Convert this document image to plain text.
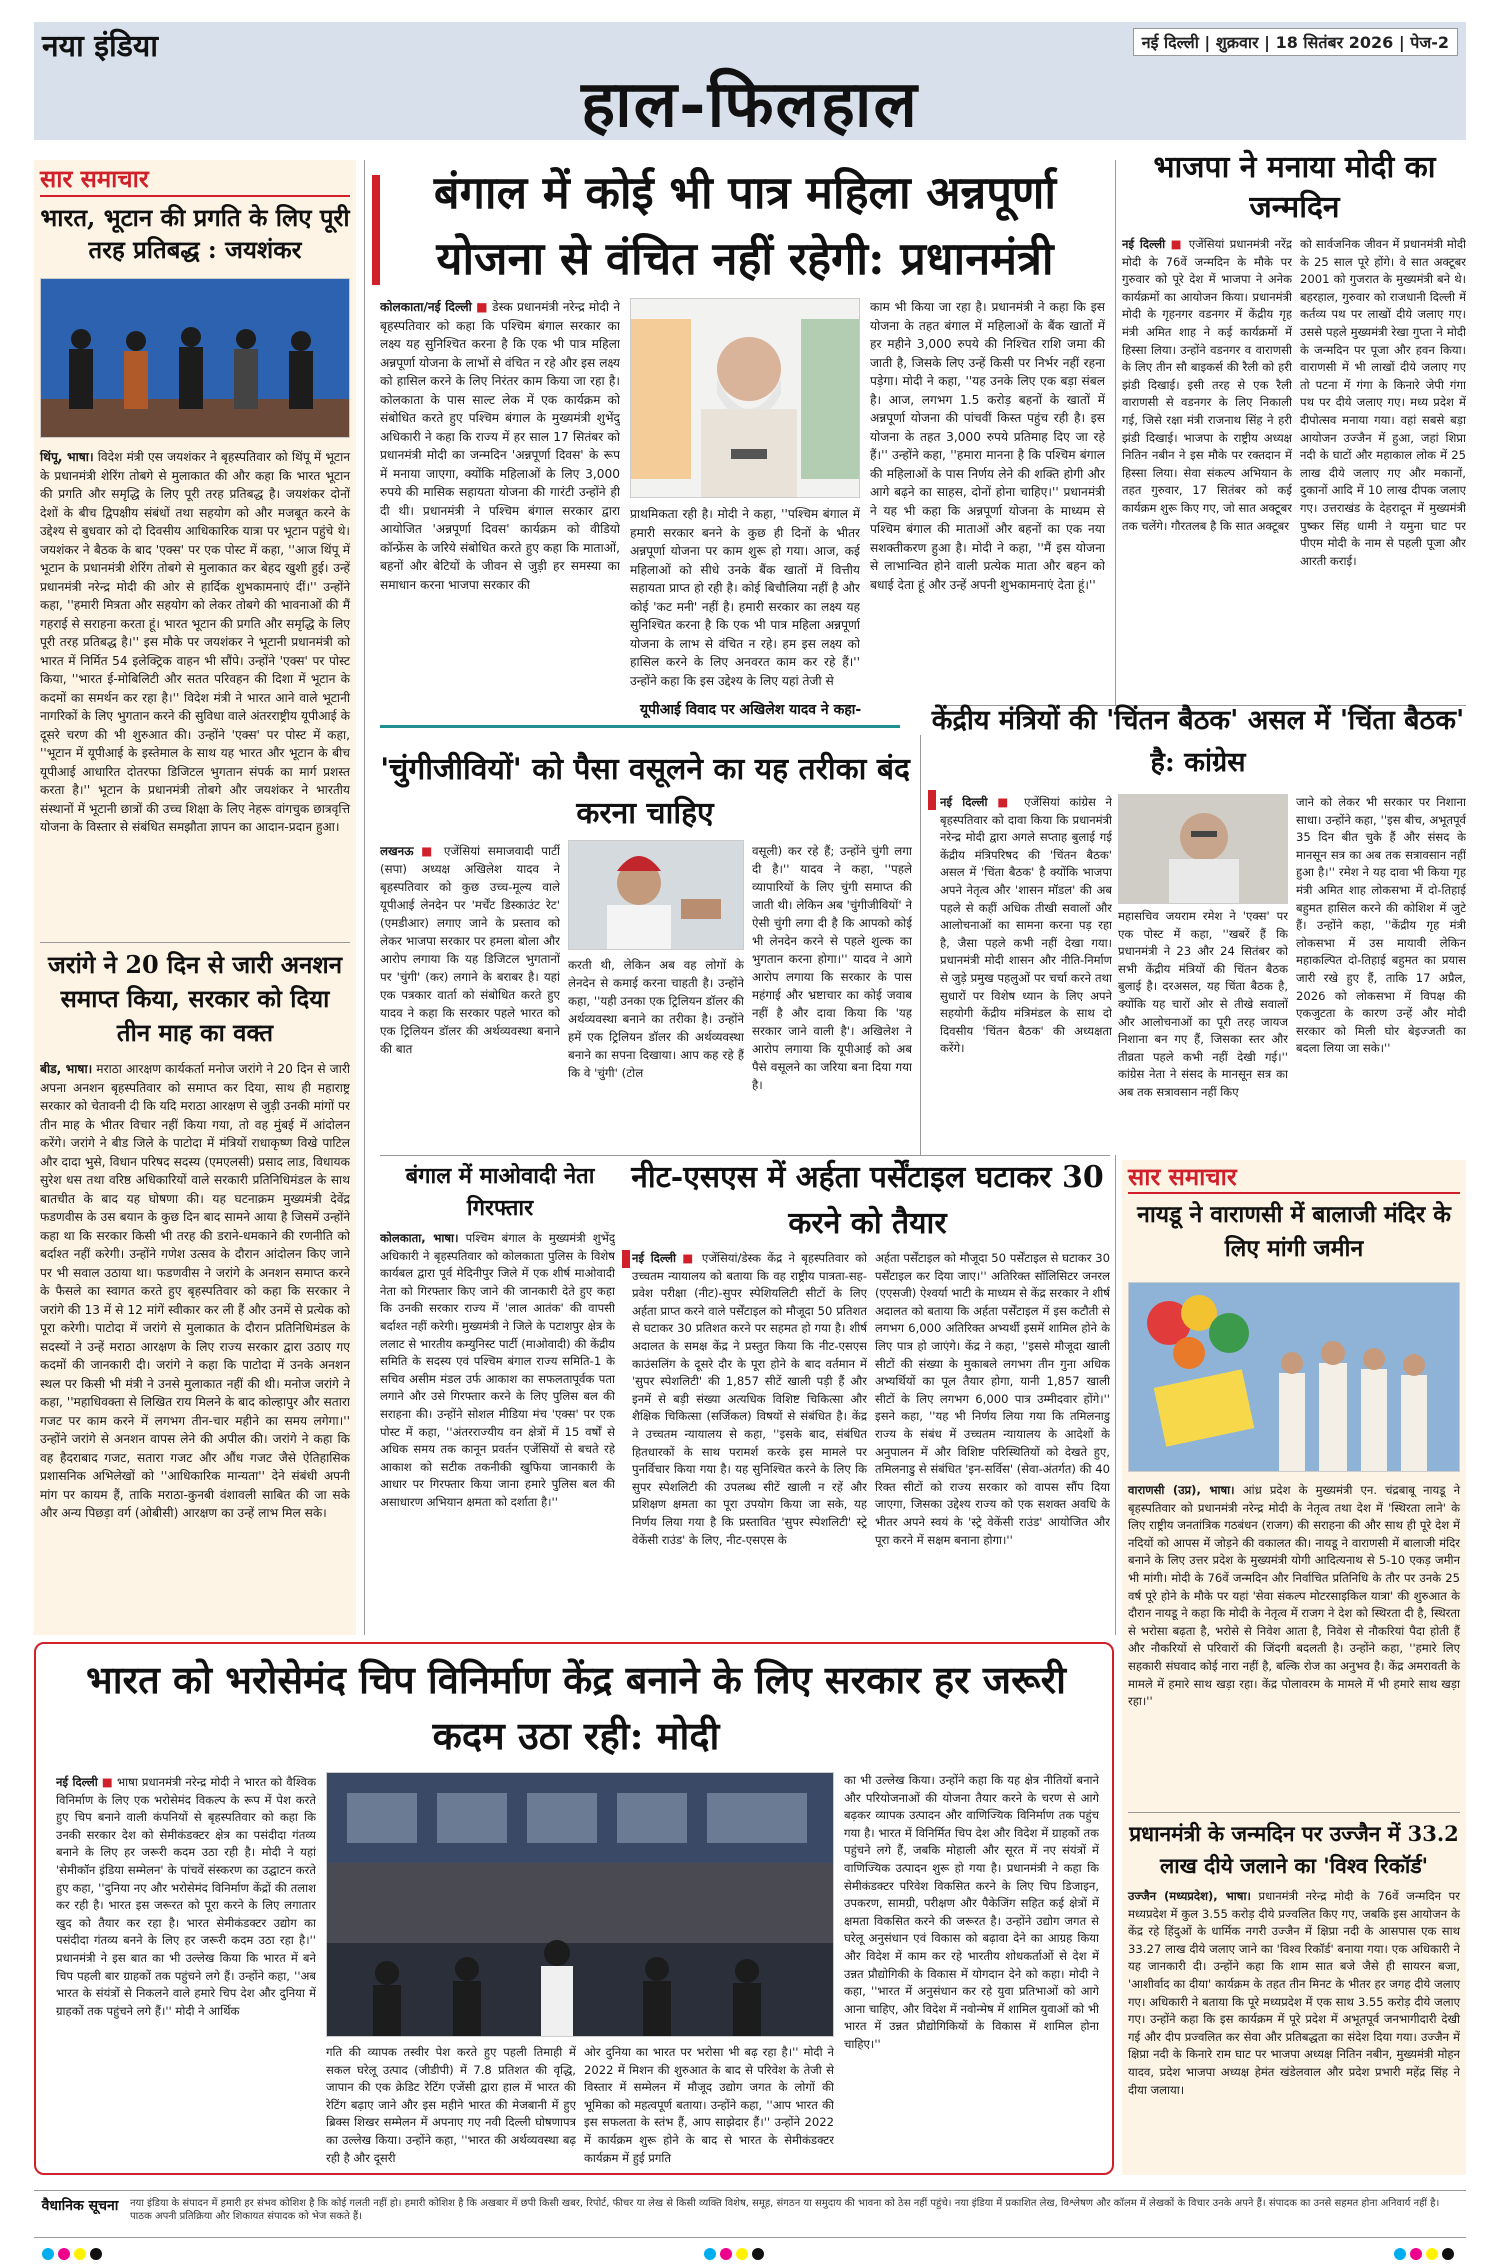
नया इंडिया	नई दिल्ली | शुक्रवार | 18 सितंबर 2026 | पेज-2
हाल-फिलहाल
सार समाचार
भारत, भूटान की प्रगति के लिए पूरी तरह प्रतिबद्ध : जयशंकर
थिंपू, भाषा। विदेश मंत्री एस जयशंकर ने बृहस्पतिवार को थिंपू में भूटान के प्रधानमंत्री शेरिंग तोबगे से मुलाकात की और कहा कि भारत भूटान की प्रगति और समृद्धि के लिए पूरी तरह प्रतिबद्ध है। जयशंकर दोनों देशों के बीच द्विपक्षीय संबंधों तथा सहयोग को और मजबूत करने के उद्देश्य से बुधवार को दो दिवसीय आधिकारिक यात्रा पर भूटान पहुंचे थे। जयशंकर ने बैठक के बाद 'एक्स' पर एक पोस्ट में कहा, ''आज थिंपू में भूटान के प्रधानमंत्री शेरिंग तोबगे से मुलाकात कर बेहद खुशी हुई। उन्हें प्रधानमंत्री नरेन्द्र मोदी की ओर से हार्दिक शुभकामनाएं दीं।'' उन्होंने कहा, ''हमारी मित्रता और सहयोग को लेकर तोबगे की भावनाओं की मैं गहराई से सराहना करता हूं। भारत भूटान की प्रगति और समृद्धि के लिए पूरी तरह प्रतिबद्ध है।'' इस मौके पर जयशंकर ने भूटानी प्रधानमंत्री को भारत में निर्मित 54 इलेक्ट्रिक वाहन भी सौंपे। उन्होंने 'एक्स' पर पोस्ट किया, ''भारत ई-मोबिलिटी और सतत परिवहन की दिशा में भूटान के कदमों का समर्थन कर रहा है।'' विदेश मंत्री ने भारत आने वाले भूटानी नागरिकों के लिए भुगतान करने की सुविधा वाले अंतरराष्ट्रीय यूपीआई के दूसरे चरण की भी शुरुआत की। उन्होंने 'एक्स' पर पोस्ट में कहा, ''भूटान में यूपीआई के इस्तेमाल के साथ यह भारत और भूटान के बीच यूपीआई आधारित दोतरफा डिजिटल भुगतान संपर्क का मार्ग प्रशस्त करता है।'' भूटान के प्रधानमंत्री तोबगे और जयशंकर ने भारतीय संस्थानों में भूटानी छात्रों की उच्च शिक्षा के लिए नेहरू वांगचुक छात्रवृत्ति योजना के विस्तार से संबंधित समझौता ज्ञापन का आदान-प्रदान हुआ।
जरांगे ने 20 दिन से जारी अनशन समाप्त किया, सरकार को दिया तीन माह का वक्त
बीड, भाषा। मराठा आरक्षण कार्यकर्ता मनोज जरांगे ने 20 दिन से जारी अपना अनशन बृहस्पतिवार को समाप्त कर दिया, साथ ही महाराष्ट्र सरकार को चेतावनी दी कि यदि मराठा आरक्षण से जुड़ी उनकी मांगों पर तीन माह के भीतर विचार नहीं किया गया, तो वह मुंबई में आंदोलन करेंगे। जरांगे ने बीड जिले के पाटोदा में मंत्रियों राधाकृष्ण विखे पाटिल और दादा भुसे, विधान परिषद सदस्य (एमएलसी) प्रसाद लाड, विधायक सुरेश धस तथा वरिष्ठ अधिकारियों वाले सरकारी प्रतिनिधिमंडल के साथ बातचीत के बाद यह घोषणा की। यह घटनाक्रम मुख्यमंत्री देवेंद्र फडणवीस के उस बयान के कुछ दिन बाद सामने आया है जिसमें उन्होंने कहा था कि सरकार किसी भी तरह की डराने-धमकाने की रणनीति को बर्दाश्त नहीं करेगी। उन्होंने गणेश उत्सव के दौरान आंदोलन किए जाने पर भी सवाल उठाया था। फडणवीस ने जरांगे के अनशन समाप्त करने के फैसले का स्वागत करते हुए बृहस्पतिवार को कहा कि सरकार ने जरांगे की 13 में से 12 मांगें स्वीकार कर ली हैं और उनमें से प्रत्येक को पूरा करेगी। पाटोदा में जरांगे से मुलाकात के दौरान प्रतिनिधिमंडल के सदस्यों ने उन्हें मराठा आरक्षण के लिए राज्य सरकार द्वारा उठाए गए कदमों की जानकारी दी। जरांगे ने कहा कि पाटोदा में उनके अनशन स्थल पर किसी भी मंत्री ने उनसे मुलाकात नहीं की थी। मनोज जरांगे ने कहा, ''महाधिवक्ता से लिखित राय मिलने के बाद कोल्हापुर और सतारा गजट पर काम करने में लगभग तीन-चार महीने का समय लगेगा।'' उन्होंने जरांगे से अनशन वापस लेने की अपील की। जरांगे ने कहा कि वह हैदराबाद गजट, सतारा गजट और औंध गजट जैसे ऐतिहासिक प्रशासनिक अभिलेखों को ''आधिकारिक मान्यता'' देने संबंधी अपनी मांग पर कायम हैं, ताकि मराठा-कुनबी वंशावली साबित की जा सके और अन्य पिछड़ा वर्ग (ओबीसी) आरक्षण का उन्हें लाभ मिल सके।
बंगाल में कोई भी पात्र महिला अन्नपूर्णा योजना से वंचित नहीं रहेगी: प्रधानमंत्री
कोलकाता/नई दिल्ली ■ डेस्क प्रधानमंत्री नरेन्द्र मोदी ने बृहस्पतिवार को कहा कि पश्चिम बंगाल सरकार का लक्ष्य यह सुनिश्चित करना है कि एक भी पात्र महिला अन्नपूर्णा योजना के लाभों से वंचित न रहे और इस लक्ष्य को हासिल करने के लिए निरंतर काम किया जा रहा है। कोलकाता के पास साल्ट लेक में एक कार्यक्रम को संबोधित करते हुए पश्चिम बंगाल के मुख्यमंत्री शुभेंदु अधिकारी ने कहा कि राज्य में हर साल 17 सितंबर को प्रधानमंत्री मोदी का जन्मदिन 'अन्नपूर्णा दिवस' के रूप में मनाया जाएगा, क्योंकि महिलाओं के लिए 3,000 रुपये की मासिक सहायता योजना की गारंटी उन्होंने ही दी थी। प्रधानमंत्री ने पश्चिम बंगाल सरकार द्वारा आयोजित 'अन्नपूर्णा दिवस' कार्यक्रम को वीडियो कॉन्फ्रेंस के जरिये संबोधित करते हुए कहा कि माताओं, बहनों और बेटियों के जीवन से जुड़ी हर समस्या का समाधान करना भाजपा सरकार की
प्राथमिकता रही है। मोदी ने कहा, ''पश्चिम बंगाल में हमारी सरकार बनने के कुछ ही दिनों के भीतर अन्नपूर्णा योजना पर काम शुरू हो गया। आज, कई महिलाओं को सीधे उनके बैंक खातों में वित्तीय सहायता प्राप्त हो रही है। कोई बिचौलिया नहीं है और कोई 'कट मनी' नहीं है। हमारी सरकार का लक्ष्य यह सुनिश्चित करना है कि एक भी पात्र महिला अन्नपूर्णा योजना के लाभ से वंचित न रहे। हम इस लक्ष्य को हासिल करने के लिए अनवरत काम कर रहे हैं।'' उन्होंने कहा कि इस उद्देश्य के लिए यहां तेजी से
काम भी किया जा रहा है। प्रधानमंत्री ने कहा कि इस योजना के तहत बंगाल में महिलाओं के बैंक खातों में हर महीने 3,000 रुपये की निश्चित राशि जमा की जाती है, जिसके लिए उन्हें किसी पर निर्भर नहीं रहना पड़ेगा। मोदी ने कहा, ''यह उनके लिए एक बड़ा संबल है। आज, लगभग 1.5 करोड़ बहनों के खातों में अन्नपूर्णा योजना की पांचवीं किस्त पहुंच रही है। इस योजना के तहत 3,000 रुपये प्रतिमाह दिए जा रहे हैं।'' उन्होंने कहा, ''हमारा मानना है कि पश्चिम बंगाल की महिलाओं के पास निर्णय लेने की शक्ति होगी और आगे बढ़ने का साहस, दोनों होना चाहिए।'' प्रधानमंत्री ने यह भी कहा कि अन्नपूर्णा योजना के माध्यम से पश्चिम बंगाल की माताओं और बहनों का एक नया सशक्तीकरण हुआ है। मोदी ने कहा, ''मैं इस योजना से लाभान्वित होने वाली प्रत्येक माता और बहन को बधाई देता हूं और उन्हें अपनी शुभकामनाएं देता हूं।''
यूपीआई विवाद पर अखिलेश यादव ने कहा-
भाजपा ने मनाया मोदी का जन्मदिन
नई दिल्ली ■ एजेंसियां प्रधानमंत्री नरेंद्र मोदी के 76वें जन्मदिन के मौके पर गुरुवार को पूरे देश में भाजपा ने अनेक कार्यक्रमों का आयोजन किया। प्रधानमंत्री मोदी के गृहनगर वडनगर में केंद्रीय गृह मंत्री अमित शाह ने कई कार्यक्रमों में हिस्सा लिया। उन्होंने वडनगर व वाराणसी के लिए तीन सौ बाइकर्स की रैली को हरी झंडी दिखाई। इसी तरह से एक रैली वाराणसी से वडनगर के लिए निकाली गई, जिसे रक्षा मंत्री राजनाथ सिंह ने हरी झंडी दिखाई। भाजपा के राष्ट्रीय अध्यक्ष नितिन नबीन ने इस मौके पर रक्तदान में हिस्सा लिया। सेवा संकल्प अभियान के तहत गुरुवार, 17 सितंबर को कई कार्यक्रम शुरू किए गए, जो सात अक्टूबर तक चलेंगे। गौरतलब है कि सात अक्टूबर
को सार्वजनिक जीवन में प्रधानमंत्री मोदी के 25 साल पूरे होंगे। वे सात अक्टूबर 2001 को गुजरात के मुख्यमंत्री बने थे। बहरहाल, गुरुवार को राजधानी दिल्ली में कर्तव्य पथ पर लाखों दीये जलाए गए। उससे पहले मुख्यमंत्री रेखा गुप्ता ने मोदी के जन्मदिन पर पूजा और हवन किया। वाराणसी में भी लाखों दीये जलाए गए तो पटना में गंगा के किनारे जेपी गंगा पथ पर दीये जलाए गए। मध्य प्रदेश में दीपोत्सव मनाया गया। वहां सबसे बड़ा आयोजन उज्जैन में हुआ, जहां शिप्रा नदी के घाटों और महाकाल लोक में 25 लाख दीये जलाए गए और मकानों, दुकानों आदि में 10 लाख दीपक जलाए गए। उत्तराखंड के देहरादून में मुख्यमंत्री पुष्कर सिंह धामी ने यमुना घाट पर पीएम मोदी के नाम से पहली पूजा और आरती कराई।
'चुंगीजीवियों' को पैसा वसूलने का यह तरीका बंद करना चाहिए
लखनऊ ■ एजेंसियां समाजवादी पार्टी (सपा) अध्यक्ष अखिलेश यादव ने बृहस्पतिवार को कुछ उच्च-मूल्य वाले यूपीआई लेनदेन पर 'मर्चेंट डिस्काउंट रेट' (एमडीआर) लगाए जाने के प्रस्ताव को लेकर भाजपा सरकार पर हमला बोला और आरोप लगाया कि यह डिजिटल भुगतानों पर 'चुंगी' (कर) लगाने के बराबर है। यहां एक पत्रकार वार्ता को संबोधित करते हुए यादव ने कहा कि सरकार पहले भारत को एक ट्रिलियन डॉलर की अर्थव्यवस्था बनाने की बात
करती थी, लेकिन अब वह लोगों के लेनदेन से कमाई करना चाहती है। उन्होंने कहा, ''यही उनका एक ट्रिलियन डॉलर की अर्थव्यवस्था बनाने का तरीका है। उन्होंने हमें एक ट्रिलियन डॉलर की अर्थव्यवस्था बनाने का सपना दिखाया। आप कह रहे हैं कि वे 'चुंगी' (टोल
वसूली) कर रहे हैं; उन्होंने चुंगी लगा दी है।'' यादव ने कहा, ''पहले व्यापारियों के लिए चुंगी समाप्त की जाती थी। लेकिन अब 'चुंगीजीवियों' ने ऐसी चुंगी लगा दी है कि आपको कोई भी लेनदेन करने से पहले शुल्क का भुगतान करना होगा।'' यादव ने आगे आरोप लगाया कि सरकार के पास महंगाई और भ्रष्टाचार का कोई जवाब नहीं है और दावा किया कि 'यह सरकार जाने वाली है'। अखिलेश ने आरोप लगाया कि यूपीआई को अब पैसे वसूलने का जरिया बना दिया गया है।
केंद्रीय मंत्रियों की 'चिंतन बैठक' असल में 'चिंता बैठक' है: कांग्रेस
नई दिल्ली ■ एजेंसियां कांग्रेस ने बृहस्पतिवार को दावा किया कि प्रधानमंत्री नरेन्द्र मोदी द्वारा अगले सप्ताह बुलाई गई केंद्रीय मंत्रिपरिषद की 'चिंतन बैठक' असल में 'चिंता बैठक' है क्योंकि भाजपा अपने नेतृत्व और 'शासन मॉडल' की अब पहले से कहीं अधिक तीखी सवालों और आलोचनाओं का सामना करना पड़ रहा है, जैसा पहले कभी नहीं देखा गया। प्रधानमंत्री मोदी शासन और नीति-निर्माण से जुड़े प्रमुख पहलुओं पर चर्चा करने तथा सुधारों पर विशेष ध्यान के लिए अपने सहयोगी केंद्रीय मंत्रिमंडल के साथ दो दिवसीय 'चिंतन बैठक' की अध्यक्षता करेंगे।
महासचिव जयराम रमेश ने 'एक्स' पर एक पोस्ट में कहा, ''खबरें हैं कि प्रधानमंत्री ने 23 और 24 सितंबर को सभी केंद्रीय मंत्रियों की चिंतन बैठक बुलाई है। दरअसल, यह चिंता बैठक है, क्योंकि यह चारों ओर से तीखे सवालों और आलोचनाओं का पूरी तरह जायज निशाना बन गए हैं, जिसका स्तर और तीव्रता पहले कभी नहीं देखी गई।'' कांग्रेस नेता ने संसद के मानसून सत्र का अब तक सत्रावसान नहीं किए
जाने को लेकर भी सरकार पर निशाना साधा। उन्होंने कहा, ''इस बीच, अभूतपूर्व 35 दिन बीत चुके हैं और संसद के मानसून सत्र का अब तक सत्रावसान नहीं हुआ है।'' रमेश ने यह दावा भी किया गृह मंत्री अमित शाह लोकसभा में दो-तिहाई बहुमत हासिल करने की कोशिश में जुटे हैं। उन्होंने कहा, ''केंद्रीय गृह मंत्री लोकसभा में उस मायावी लेकिन महाकल्पित दो-तिहाई बहुमत का प्रयास जारी रखे हुए हैं, ताकि 17 अप्रैल, 2026 को लोकसभा में विपक्ष की एकजुटता के कारण उन्हें और मोदी सरकार को मिली घोर बेइज्जती का बदला लिया जा सके।''
बंगाल में माओवादी नेता गिरफ्तार
कोलकाता, भाषा। पश्चिम बंगाल के मुख्यमंत्री शुभेंदु अधिकारी ने बृहस्पतिवार को कोलकाता पुलिस के विशेष कार्यबल द्वारा पूर्व मेदिनीपुर जिले में एक शीर्ष माओवादी नेता को गिरफ्तार किए जाने की जानकारी देते हुए कहा कि उनकी सरकार राज्य में 'लाल आतंक' की वापसी बर्दाश्त नहीं करेगी। मुख्यमंत्री ने जिले के पटाशपुर क्षेत्र के ललाट से भारतीय कम्युनिस्ट पार्टी (माओवादी) की केंद्रीय समिति के सदस्य एवं पश्चिम बंगाल राज्य समिति-1 के सचिव असीम मंडल उर्फ आकाश का सफलतापूर्वक पता लगाने और उसे गिरफ्तार करने के लिए पुलिस बल की सराहना की। उन्होंने सोशल मीडिया मंच 'एक्स' पर एक पोस्ट में कहा, ''अंतरराज्यीय वन क्षेत्रों में 15 वर्षों से अधिक समय तक कानून प्रवर्तन एजेंसियों से बचते रहे आकाश को सटीक तकनीकी खुफिया जानकारी के आधार पर गिरफ्तार किया जाना हमारे पुलिस बल की असाधारण अभियान क्षमता को दर्शाता है।''
नीट-एसएस में अर्हता पर्सेंटाइल घटाकर 30 करने को तैयार
नई दिल्ली ■ एजेंसियां/डेस्क केंद्र ने बृहस्पतिवार को उच्चतम न्यायालय को बताया कि वह राष्ट्रीय पात्रता-सह-प्रवेश परीक्षा (नीट)-सुपर स्पेशियलिटी सीटों के लिए अर्हता प्राप्त करने वाले पर्सेंटाइल को मौजूदा 50 प्रतिशत से घटाकर 30 प्रतिशत करने पर सहमत हो गया है। शीर्ष अदालत के समक्ष केंद्र ने प्रस्तुत किया कि नीट-एसएस काउंसलिंग के दूसरे दौर के पूरा होने के बाद वर्तमान में 'सुपर स्पेशलिटी' की 1,857 सीटें खाली पड़ी हैं और इनमें से बड़ी संख्या अत्यधिक विशिष्ट चिकित्सा और शैक्षिक चिकित्सा (सर्जिकल) विषयों से संबंधित है। केंद्र ने उच्चतम न्यायालय से कहा, ''इसके बाद, संबंधित हितधारकों के साथ परामर्श करके इस मामले पर पुनर्विचार किया गया है। यह सुनिश्चित करने के लिए कि सुपर स्पेशलिटी की उपलब्ध सीटें खाली न रहें और प्रशिक्षण क्षमता का पूरा उपयोग किया जा सके, यह निर्णय लिया गया है कि प्रस्तावित 'सुपर स्पेशलिटी' स्ट्रे वेकेंसी राउंड' के लिए, नीट-एसएस के
अर्हता पर्सेंटाइल को मौजूदा 50 पर्सेंटाइल से घटाकर 30 पर्सेंटाइल कर दिया जाए।'' अतिरिक्त सॉलिसिटर जनरल (एएसजी) ऐश्वर्या भाटी के माध्यम से केंद्र सरकार ने शीर्ष अदालत को बताया कि अर्हता पर्सेंटाइल में इस कटौती से लगभग 6,000 अतिरिक्त अभ्यर्थी इसमें शामिल होने के लिए पात्र हो जाएंगे। केंद्र ने कहा, ''इससे मौजूदा खाली सीटों की संख्या के मुकाबले लगभग तीन गुना अधिक अभ्यर्थियों का पूल तैयार होगा, यानी 1,857 खाली सीटों के लिए लगभग 6,000 पात्र उम्मीदवार होंगे।'' इसने कहा, ''यह भी निर्णय लिया गया कि तमिलनाडु राज्य के संबंध में उच्चतम न्यायालय के आदेशों के अनुपालन में और विशिष्ट परिस्थितियों को देखते हुए, तमिलनाडु से संबंधित 'इन-सर्विस' (सेवा-अंतर्गत) की 40 रिक्त सीटों को राज्य सरकार को वापस सौंप दिया जाएगा, जिसका उद्देश्य राज्य को एक सशक्त अवधि के भीतर अपने स्वयं के 'स्ट्रे वेकेंसी राउंड' आयोजित और पूरा करने में सक्षम बनाना होगा।''
सार समाचार
नायडू ने वाराणसी में बालाजी मंदिर के लिए मांगी जमीन
वाराणसी (उप्र), भाषा। आंध्र प्रदेश के मुख्यमंत्री एन. चंद्रबाबू नायडू ने बृहस्पतिवार को प्रधानमंत्री नरेन्द्र मोदी के नेतृत्व तथा देश में 'स्थिरता लाने' के लिए राष्ट्रीय जनतांत्रिक गठबंधन (राजग) की सराहना की और साथ ही पूरे देश में नदियों को आपस में जोड़ने की वकालत की। नायडू ने वाराणसी में बालाजी मंदिर बनाने के लिए उत्तर प्रदेश के मुख्यमंत्री योगी आदित्यनाथ से 5-10 एकड़ जमीन भी मांगी। मोदी के 76वें जन्मदिन और निर्वाचित प्रतिनिधि के तौर पर उनके 25 वर्ष पूरे होने के मौके पर यहां 'सेवा संकल्प मोटरसाइकिल यात्रा' की शुरुआत के दौरान नायडू ने कहा कि मोदी के नेतृत्व में राजग ने देश को स्थिरता दी है, स्थिरता से भरोसा बढ़ता है, भरोसे से निवेश आता है, निवेश से नौकरियां पैदा होती हैं और नौकरियों से परिवारों की जिंदगी बदलती है। उन्होंने कहा, ''हमारे लिए सहकारी संघवाद कोई नारा नहीं है, बल्कि रोज का अनुभव है। केंद्र अमरावती के मामले में हमारे साथ खड़ा रहा। केंद्र पोलावरम के मामले में भी हमारे साथ खड़ा रहा।''
प्रधानमंत्री के जन्मदिन पर उज्जैन में 33.2 लाख दीये जलाने का 'विश्व रिकॉर्ड'
उज्जैन (मध्यप्रदेश), भाषा। प्रधानमंत्री नरेन्द्र मोदी के 76वें जन्मदिन पर मध्यप्रदेश में कुल 3.55 करोड़ दीये प्रज्वलित किए गए, जबकि इस आयोजन के केंद्र रहे हिंदुओं के धार्मिक नगरी उज्जैन में क्षिप्रा नदी के आसपास एक साथ 33.27 लाख दीये जलाए जाने का 'विश्व रिकॉर्ड' बनाया गया। एक अधिकारी ने यह जानकारी दी। उन्होंने कहा कि शाम सात बजे जैसे ही सायरन बजा, 'आशीर्वाद का दीया' कार्यक्रम के तहत तीन मिनट के भीतर हर जगह दीये जलाए गए। अधिकारी ने बताया कि पूरे मध्यप्रदेश में एक साथ 3.55 करोड़ दीये जलाए गए। उन्होंने कहा कि इस कार्यक्रम में पूरे प्रदेश में अभूतपूर्व जनभागीदारी देखी गई और दीप प्रज्वलित कर सेवा और प्रतिबद्धता का संदेश दिया गया। उज्जैन में क्षिप्रा नदी के किनारे राम घाट पर भाजपा अध्यक्ष नितिन नबीन, मुख्यमंत्री मोहन यादव, प्रदेश भाजपा अध्यक्ष हेमंत खंडेलवाल और प्रदेश प्रभारी महेंद्र सिंह ने दीया जलाया।
भारत को भरोसेमंद चिप विनिर्माण केंद्र बनाने के लिए सरकार हर जरूरी कदम उठा रही: मोदी
नई दिल्ली ■ भाषा प्रधानमंत्री नरेन्द्र मोदी ने भारत को वैश्विक विनिर्माण के लिए एक भरोसेमंद विकल्प के रूप में पेश करते हुए चिप बनाने वाली कंपनियों से बृहस्पतिवार को कहा कि उनकी सरकार देश को सेमीकंडक्टर क्षेत्र का पसंदीदा गंतव्य बनाने के लिए हर जरूरी कदम उठा रही है। मोदी ने यहां 'सेमीकॉन इंडिया सम्मेलन' के पांचवें संस्करण का उद्घाटन करते हुए कहा, ''दुनिया नए और भरोसेमंद विनिर्माण केंद्रों की तलाश कर रही है। भारत इस जरूरत को पूरा करने के लिए लगातार खुद को तैयार कर रहा है। भारत सेमीकंडक्टर उद्योग का पसंदीदा गंतव्य बनने के लिए हर जरूरी कदम उठा रहा है।'' प्रधानमंत्री ने इस बात का भी उल्लेख किया कि भारत में बने चिप पहली बार ग्राहकों तक पहुंचने लगे हैं। उन्होंने कहा, ''अब भारत के संयंत्रों से निकलने वाले हमारे चिप देश और दुनिया में ग्राहकों तक पहुंचने लगे हैं।'' मोदी ने आर्थिक
गति की व्यापक तस्वीर पेश करते हुए पहली तिमाही में सकल घरेलू उत्पाद (जीडीपी) में 7.8 प्रतिशत की वृद्धि, जापान की एक क्रेडिट रेटिंग एजेंसी द्वारा हाल में भारत की रेटिंग बढ़ाए जाने और इस महीने भारत की मेजबानी में हुए ब्रिक्स शिखर सम्मेलन में अपनाए गए नवी दिल्ली घोषणापत्र का उल्लेख किया। उन्होंने कहा, ''भारत की अर्थव्यवस्था बढ़ रही है और दूसरी
ओर दुनिया का भारत पर भरोसा भी बढ़ रहा है।'' मोदी ने 2022 में मिशन की शुरुआत के बाद से परिवेश के तेजी से विस्तार में सम्मेलन में मौजूद उद्योग जगत के लोगों की भूमिका को महत्वपूर्ण बताया। उन्होंने कहा, ''आप भारत की इस सफलता के स्तंभ हैं, आप साझेदार हैं।'' उन्होंने 2022 में कार्यक्रम शुरू होने के बाद से भारत के सेमीकंडक्टर कार्यक्रम में हुई प्रगति
का भी उल्लेख किया। उन्होंने कहा कि यह क्षेत्र नीतियों बनाने और परियोजनाओं की योजना तैयार करने के चरण से आगे बढ़कर व्यापक उत्पादन और वाणिज्यिक विनिर्माण तक पहुंच गया है। भारत में विनिर्मित चिप देश और विदेश में ग्राहकों तक पहुंचने लगे हैं, जबकि मोहाली और सूरत में नए संयंत्रों में वाणिज्यिक उत्पादन शुरू हो गया है। प्रधानमंत्री ने कहा कि सेमीकंडक्टर परिवेश विकसित करने के लिए चिप डिजाइन, उपकरण, सामग्री, परीक्षण और पैकेजिंग सहित कई क्षेत्रों में क्षमता विकसित करने की जरूरत है। उन्होंने उद्योग जगत से घरेलू अनुसंधान एवं विकास को बढ़ावा देने का आग्रह किया और विदेश में काम कर रहे भारतीय शोधकर्ताओं से देश में उन्नत प्रौद्योगिकी के विकास में योगदान देने को कहा। मोदी ने कहा, ''भारत में अनुसंधान कर रहे युवा प्रतिभाओं को आगे आना चाहिए, और विदेश में नवोन्मेष में शामिल युवाओं को भी भारत में उन्नत प्रौद्योगिकियों के विकास में शामिल होना चाहिए।''
वैधानिक सूचना	नया इंडिया के संपादन में हमारी हर संभव कोशिश है कि कोई गलती नहीं हो। हमारी कोशिश है कि अखबार में छपी किसी खबर, रिपोर्ट, फीचर या लेख से किसी व्यक्ति विशेष, समूह, संगठन या समुदाय की भावना को ठेस नहीं पहुंचे। नया इंडिया में प्रकाशित लेख, विश्लेषण और कॉलम में लेखकों के विचार उनके अपने हैं। संपादक का उनसे सहमत होना अनिवार्य नहीं है। पाठक अपनी प्रतिक्रिया और शिकायत संपादक को भेज सकते हैं।
